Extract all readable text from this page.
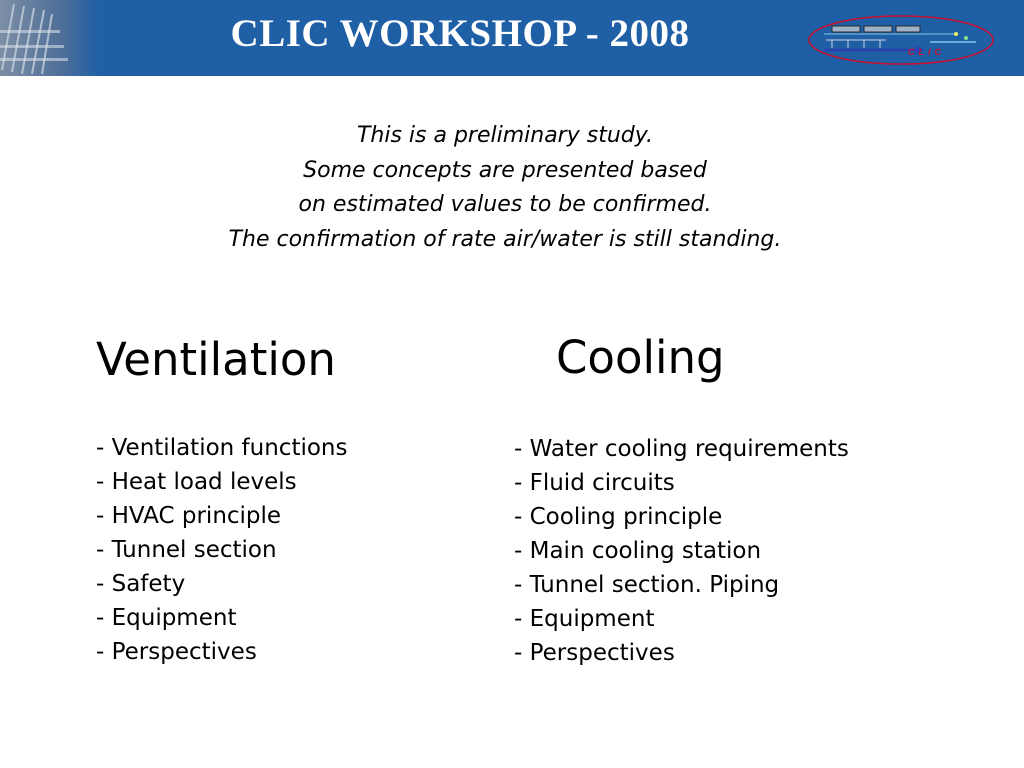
CLIC WORKSHOP - 2008	CLIC
This is a preliminary study.
Some concepts are presented based
on estimated values to be confirmed.
The confirmation of rate air/water is still standing.
Ventilation
- Ventilation functions
- Heat load levels
- HVAC principle
- Tunnel section
- Safety
- Equipment
- Perspectives
Cooling
- Water cooling requirements
- Fluid circuits
- Cooling principle
- Main cooling station
- Tunnel section. Piping
- Equipment
- Perspectives
